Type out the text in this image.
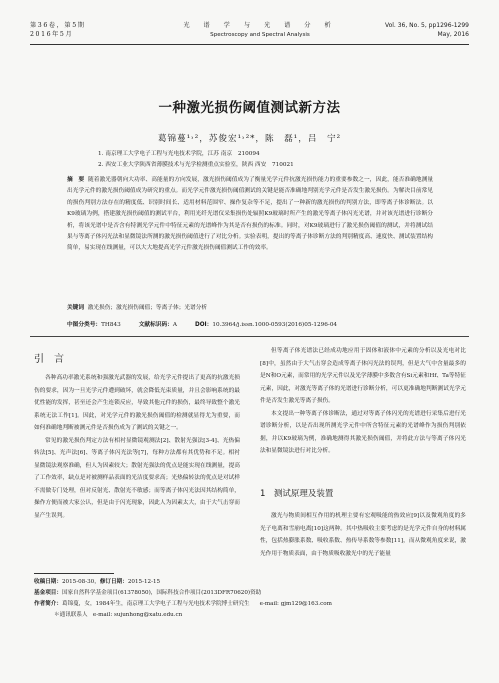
第36卷，第5期
2016年5月
光 谱 学 与 光 谱 分 析
Spectroscopy and Spectral Analysis
Vol. 36, No. 5, pp1296-1299
May, 2016
一种激光损伤阈值测试新方法
葛锦蔓¹˒²，苏俊宏¹˒²*，陈　磊¹，吕　宁²
1. 南京理工大学电子工程与光电技术学院，江苏 南京　210094
2. 西安工业大学陕西省薄膜技术与光学检测重点实验室，陕西 西安　710021
摘　要 随着激光器朝向大功率、高能量的方向发展，激光损伤阈值成为了衡量光学元件抗激光损伤能力的重要参数之一，因此，能否准确地测量出光学元件的激光损伤阈值成为研究的重点。而光学元件激光损伤阈值测试的关键是能否准确地判别光学元件是否发生激光损伤。为解决目前常见的损伤判别方法存在的精度低、识别时间长、适用材料范围窄、操作复杂等不足，提出了一种新的激光损伤的判别方法，即等离子体诊断法。以K9玻璃为例，搭建激光损伤阈值的测试平台，利用光纤光谱仪采集损伤处辐照K9玻璃时所产生的激光等离子体闪光光谱，并对该光谱进行诊断分析，将该光谱中是否含有特测光学元件中特征元素的光谱峰作为其是否有损伤的标准。同时，对K9玻璃进行了激光损伤阈值的测试，并将测试结果与等离子体闪光法和显微镜法所测的激光损伤阈值进行了对比分析。实验表明，提出的等离子体诊断方法的判别精度高、速度快、测试装置结构简单，易实现在线测量，可以大大地提高光学元件激光损伤阈值测试工作的效率。
关键词 激光损伤；激光损伤阈值；等离子体；光谱分析
中图分类号：TH843	文献标识码：A	DOI：10.3964/j.issn.1000-0593(2016)05-1296-04
引　言

各种高功率激光系统和强激光武器的发展，给光学元件提出了更高的抗激光损伤的要求，因为一旦光学元件遭到破坏，就会降低光束质量，并且会影响系统的最优性能的发挥，甚至还会产生连锁反应，导致其他元件的损伤，最终导致整个激光系统无法工作[1]。因此，对光学元件的激光损伤阈值的检测就显得尤为重要，而如何准确地判断被测元件是否损伤成为了测试的关键之一。

常见的激光损伤判定方法有相衬显微镜观测法[2]、散射光强法[3-4]、光热偏转法[5]、光声法[6]、等离子体闪光法等[7]，每种方法都有其优势和不足。相衬显微镜法观察准确，但人为因素较大；散射光强法的优点是能实现在线测量，提高了工作效率，缺点是对被测样品表面的光洁度要求高；光热偏转法的优点是对试样不需做专门处理，但对反射光、散射光不敏感；而等离子体闪光法因其结构简单，操作方便而被大家公认，但是由于闪光现象，因此人为因素太大，由于大气击穿而显产生误判。

但等离子体光谱法已经成功地应用于固体和液体中元素的分析以及光电对比[8]中，虽然由于大气击穿会造成等离子体闪光法的误判，但是大气中含量最多的是N和O元素，而常用的光学元件以及光学薄膜中多数含有Si元素和Hf、Ta等特征元素，因此，对激光等离子体的光谱进行诊断分析，可以更准确地判断测试光学元件是否发生激光等离子损伤。

本文提出一种等离子体诊断法，通过对等离子体闪光的光谱进行采集后进行光谱诊断分析，以是否出现所测光学元件中所含特征元素的光谱峰作为损伤判别依据，并以K9玻璃为例，准确地测得其激光损伤阈值，并将此方法与等离子体闪光法和显微镜法进行对比分析。

1　测试原理及装置

激光与物质间相互作用的机理主要有宏观吸能的热效应[9]以及微观角度的多光子电离和雪崩电离[10]这两种。其中热吸收主要考虑的是光学元件自身的材料属性，包括热膨胀系数、吸收系数、热传导系数等参数[11]，而从微观角度来说，激光作用于物质表面，由于物质吸收激光中的光子能量

收稿日期：2015-08-30，修订日期：2015-12-15
基金项目：国家自然科学基金项目(61378050)，国际科技合作项目(2013DFR70620)资助
作者简介：葛锦蔓，女，1984年生，南京理工大学电子工程与光电技术学院博士研究生 e-mail: gjm129@163.com
＊通讯联系人 e-mail: sujunhong@xatu.edu.cn
